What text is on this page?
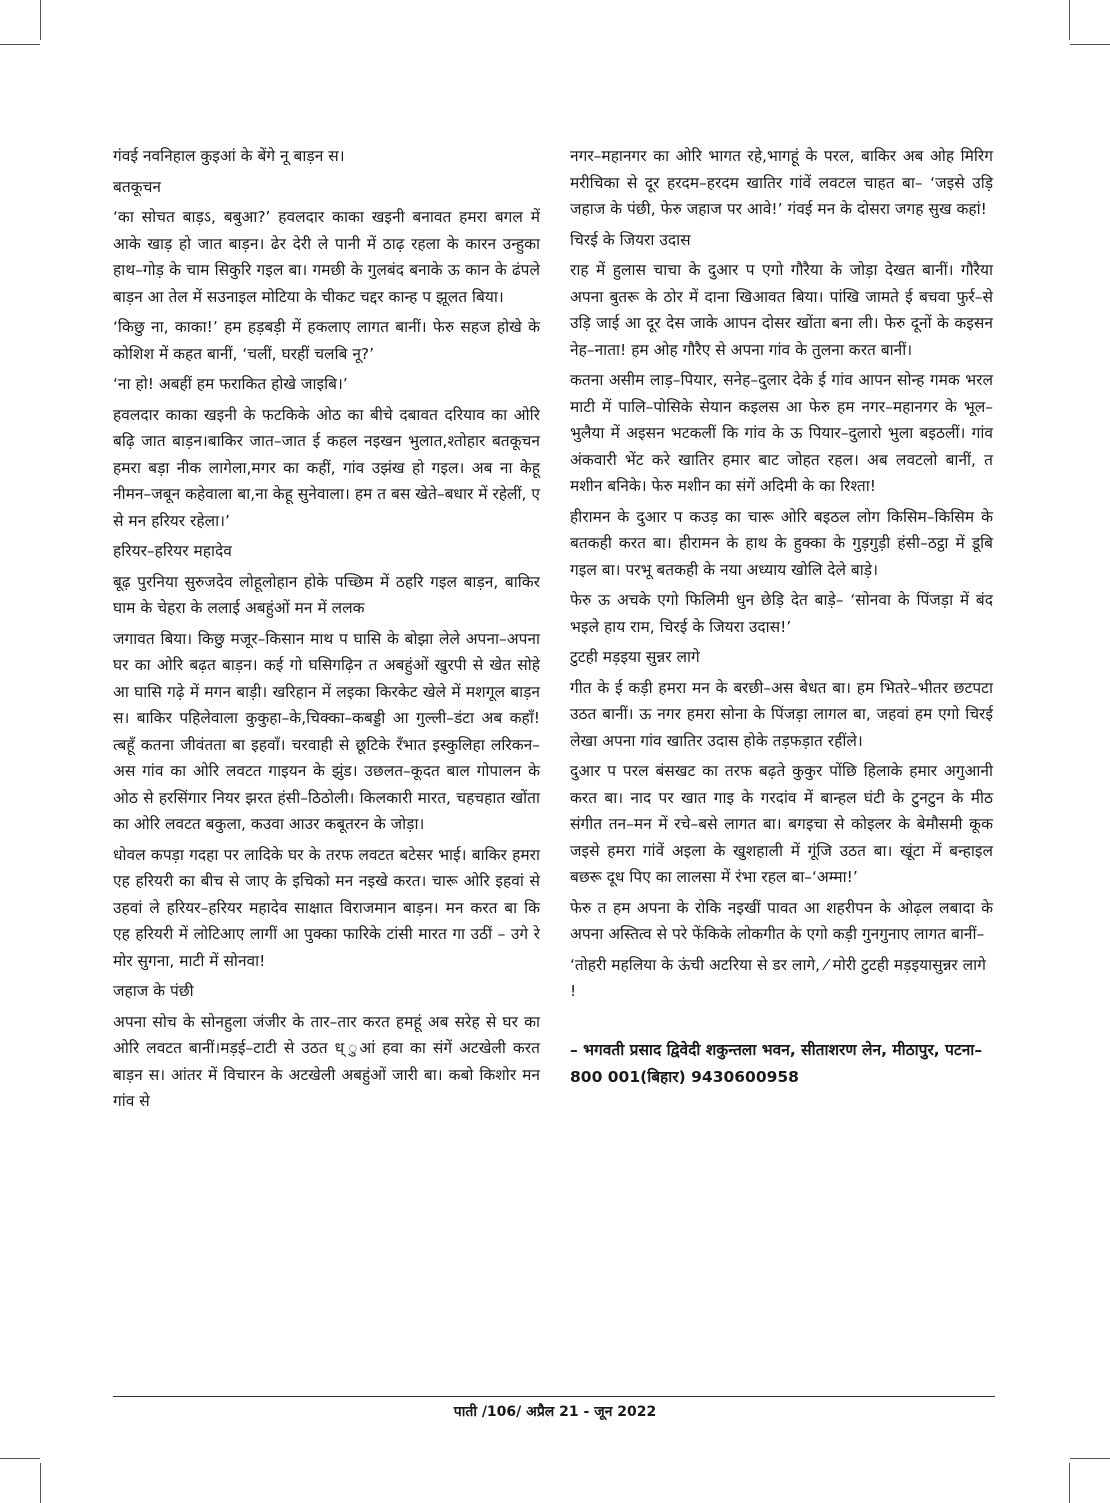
गंवई नवनिहाल कुइआं के बेंगे नू बाड़न स।

बतकूचन

‘का सोचत बाड़ऽ, बबुआ?’ हवलदार काका खइनी बनावत हमरा बगल में आके खाड़ हो जात बाड़न। ढेर देरी ले पानी में ठाढ़ रहला के कारन उन्हुका हाथ–गोड़ के चाम सिकुरि गइल बा। गमछी के गुलबंद बनाके ऊ कान के ढंपले बाड़न आ तेल में सउनाइल मोटिया के चीकट चद्दर कान्ह प झूलत बिया।

‘किछु ना, काका!’ हम हड़बड़ी में हकलाए लागत बानीं। फेरु सहज होखे के कोशिश में कहत बानीं, ‘चलीं, घरहीं चलबि नू?’

‘ना हो! अबहीं हम फराकित होखे जाइबि।’

हवलदार काका खइनी के फटकिके ओठ का बीचे दबावत दरियाव का ओरि बढ़ि जात बाड़न।बाकिर जात–जात ई कहल नइखन भुलात,श्तोहार बतकूचन हमरा बड़ा नीक लागेला,मगर का कहीं, गांव उझंख हो गइल। अब ना केहू नीमन–जबून कहेवाला बा,ना केहू सुनेवाला। हम त बस खेते–बधार में रहेलीं, ए से मन हरियर रहेला।’

हरियर–हरियर महादेव

बूढ़ पुरनिया सुरुजदेव लोहूलोहान होके पच्छिम में ठहरि गइल बाड़न, बाकिर घाम के चेहरा के ललाई अबहुंओं मन में ललक

जगावत बिया। किछु मजूर–किसान माथ प घासि के बोझा लेले अपना–अपना घर का ओरि बढ़त बाड़न। कई गो घसिगढ़िन त अबहुंओं खुरपी से खेत सोहे आ घासि गढ़े में मगन बाड़ी। खरिहान में लइका किरकेट खेले में मशगूल बाड़न स। बाकिर पहिलेवाला कुकुहा–के,चिक्का–कबड्डी आ गुल्ली–डंटा अब कहाँ! त्बहूँ कतना जीवंतता बा इहवाँ। चरवाही से छूटिके रँभात इस्कुलिहा लरिकन–अस गांव का ओरि लवटत गाइयन के झुंड। उछलत–कूदत बाल गोपालन के ओठ से हरसिंगार नियर झरत हंसी–ठिठोली। किलकारी मारत, चहचहात खोंता का ओरि लवटत बकुला, कउवा आउर कबूतरन के जोड़ा।

धोवल कपड़ा गदहा पर लादिके घर के तरफ लवटत बटेसर भाई। बाकिर हमरा एह हरियरी का बीच से जाए के इचिको मन नइखे करत। चारू ओरि इहवां से उहवां ले हरियर–हरियर महादेव साक्षात विराजमान बाड़न। मन करत बा कि एह हरियरी में लोटिआए लागीं आ पुक्का फारिके टांसी मारत गा उठीं – उगे रे मोर सुगना, माटी में सोनवा!

जहाज के पंछी

अपना सोच के सोनहुला जंजीर के तार–तार करत हमहूं अब सरेह से घर का ओरि लवटत बानीं।मड़ई–टाटी से उठत ध् ुआं हवा का संगें अटखेली करत बाड़न स। आंतर में विचारन के अटखेली अबहुंओं जारी बा। कबो किशोर मन गांव से

नगर–महानगर का ओरि भागत रहे,भागहूं के परल, बाकिर अब ओह मिरिग मरीचिका से दूर हरदम–हरदम खातिर गांवें लवटल चाहत बा– ‘जइसे उड़ि जहाज के पंछी, फेरु जहाज पर आवे!’ गंवई मन के दोसरा जगह सुख कहां!

चिरई के जियरा उदास

राह में हुलास चाचा के दुआर प एगो गौरैया के जोड़ा देखत बानीं। गौरैया अपना बुतरू के ठोर में दाना खिआवत बिया। पांखि जामते ई बचवा फुर्र–से उड़ि जाई आ दूर देस जाके आपन दोसर खोंता बना ली। फेरु दूनों के कइसन नेह–नाता! हम ओह गौरैए से अपना गांव के तुलना करत बानीं।

कतना असीम लाड़–पियार, सनेह–दुलार देके ई गांव आपन सोन्ह गमक भरल माटी में पालि–पोसिके सेयान कइलस आ फेरु हम नगर–महानगर के भूल–भुलैया में अइसन भटकलीं कि गांव के ऊ पियार–दुलारो भुला बइठलीं। गांव अंकवारी भेंट करे खातिर हमार बाट जोहत रहल। अब लवटलो बानीं, त मशीन बनिके। फेरु मशीन का संगें अदिमी के का रिश्ता!

हीरामन के दुआर प कउड़ का चारू ओरि बइठल लोग किसिम–किसिम के बतकही करत बा। हीरामन के हाथ के हुक्का के गुड़गुड़ी हंसी–ठट्ठा में डूबि गइल बा। परभू बतकही के नया अध्याय खोलि देले बाड़े।

फेरु ऊ अचके एगो फिलिमी धुन छेड़ि देत बाड़े– ‘सोनवा के पिंजड़ा में बंद भइले हाय राम, चिरई के जियरा उदास!’

टुटही मड़इया सुन्नर लागे

गीत के ई कड़ी हमरा मन के बरछी–अस बेधत बा। हम भितरे–भीतर छटपटा उठत बानीं। ऊ नगर हमरा सोना के पिंजड़ा लागल बा, जहवां हम एगो चिरई लेखा अपना गांव खातिर उदास होके तड़फड़ात रहींले।

दुआर प परल बंसखट का तरफ बढ़ते कुकुर पोंछि हिलाके हमार अगुआनी करत बा। नाद पर खात गाइ के गरदांव में बान्हल घंटी के टुनटुन के मीठ संगीत तन–मन में रचे–बसे लागत बा। बगइचा से कोइलर के बेमौसमी कूक जइसे हमरा गांवें अइला के खुशहाली में गूंजि उठत बा। खूंटा में बन्हाइल बछरू दूध पिए का लालसा में रंभा रहल बा–‘अम्मा!’

फेरु त हम अपना के रोकि नइखीं पावत आ शहरीपन के ओढ़ल लबादा के अपना अस्तित्व से परे फेंकिके लोकगीत के एगो कड़ी गुनगुनाए लागत बानीं–

‘तोहरी महलिया के ऊंची अटरिया से डर लागे, ⁄ मोरी टुटही मड़इयासुन्नर लागे !

– भगवती प्रसाद द्विवेदी शकुन्तला भवन, सीताशरण लेन, मीठापुर, पटना–800 001(बिहार) 9430600958

पाती /106/ अप्रैल 21 - जून 2022
